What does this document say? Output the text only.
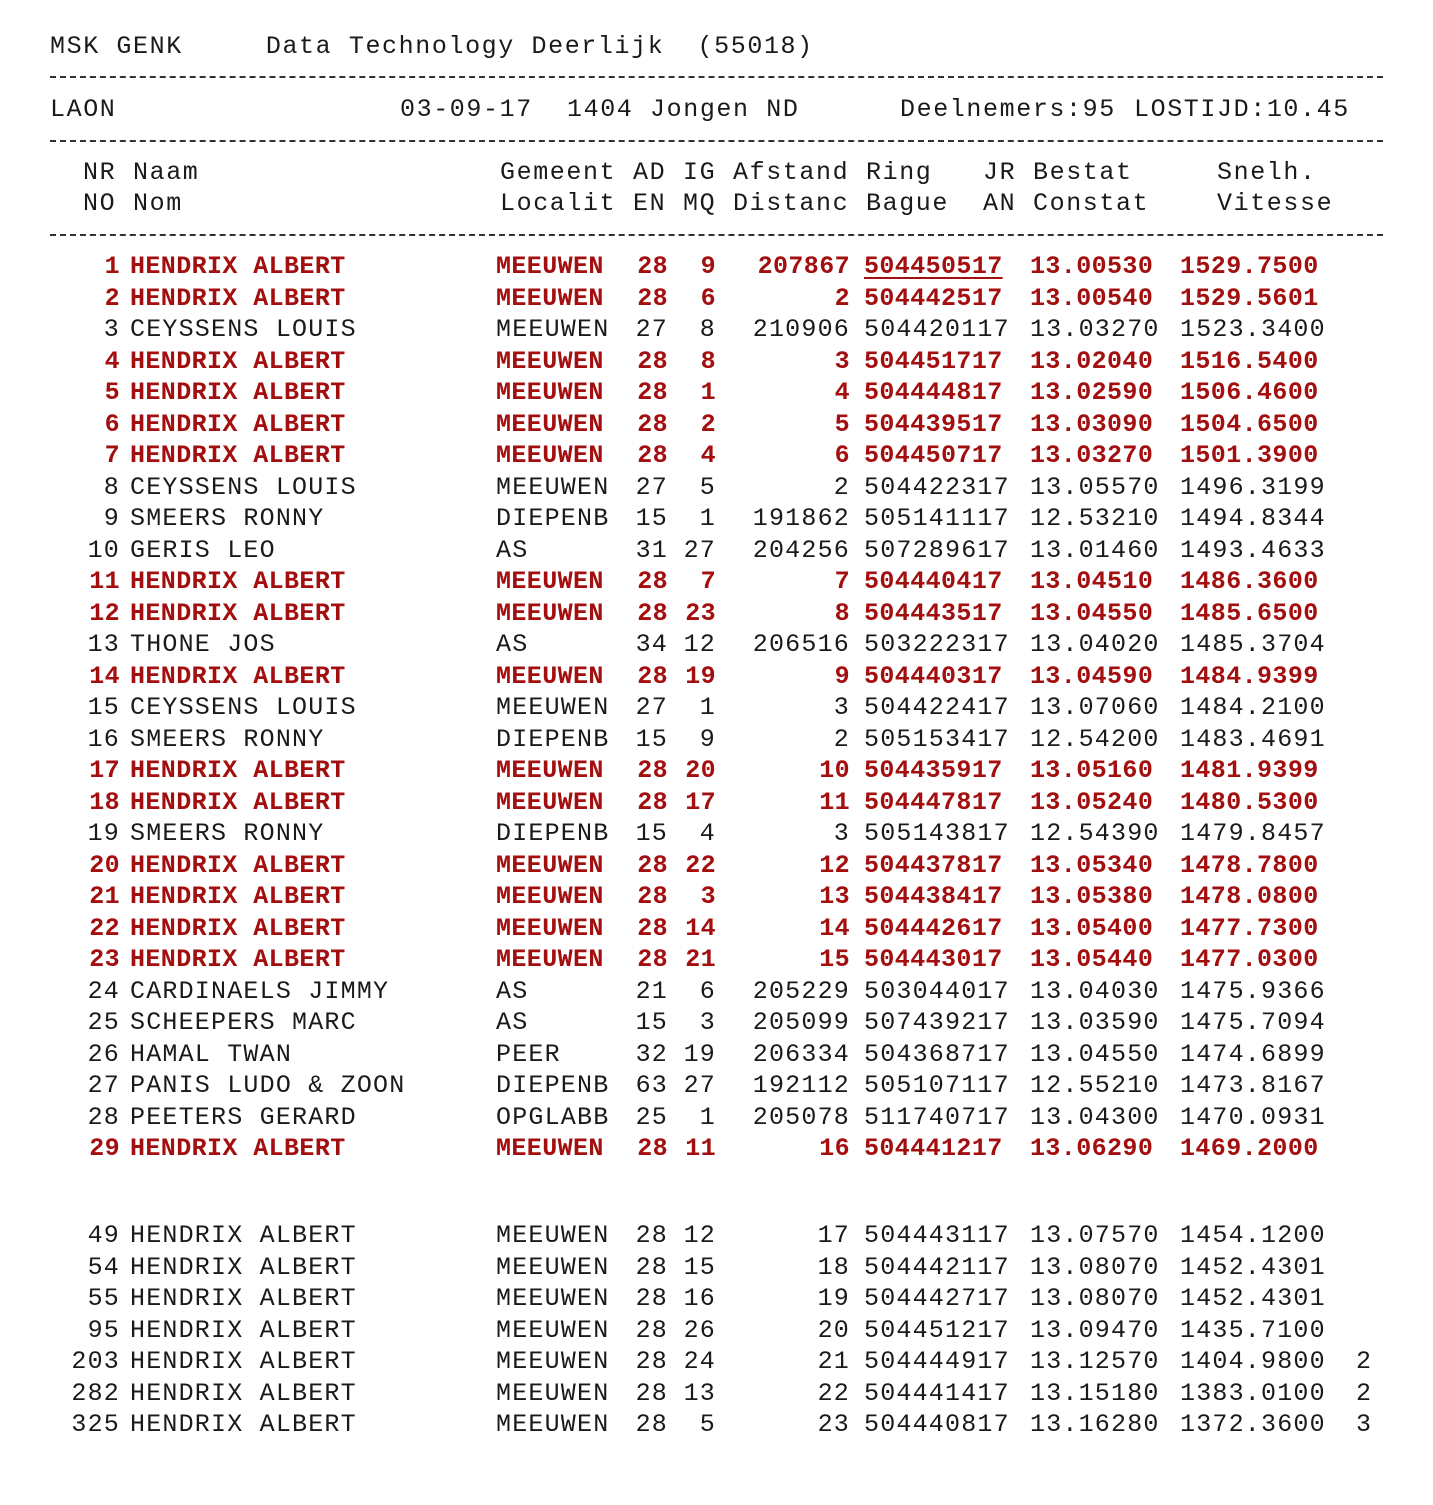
MSK GENK	Data Technology Deerlijk (55018)

LAON

	03-09-17

1404 Jongen ND

	Deelnemers:95

LOSTIJD:10.45

NR Naam	Gemeent AD IG Afstand Ring JR Bestat	Snelh.
NO Nom	Localit EN MQ Distanc Bague AN Constat	Vitesse
1 HENDRIX ALBERT	MEEUWEN	28	9	207867 504450517	13.00530	1529.7500
2 HENDRIX ALBERT	MEEUWEN	28	6	2 504442517	13.00540	1529.5601
3 CEYSSENS LOUIS	MEEUWEN	27	8	210906 504420117 13.03270 1523.3400
4 HENDRIX ALBERT	MEEUWEN	28	8	3 504451717	13.02040	1516.5400
5 HENDRIX ALBERT	MEEUWEN	28	1	4 504444817	13.02590	1506.4600
6 HENDRIX ALBERT	MEEUWEN	28	2	5 504439517	13.03090	1504.6500
7 HENDRIX ALBERT	MEEUWEN	28	4	6 504450717	13.03270	1501.3900
8 CEYSSENS LOUIS	MEEUWEN	27	5	2 504422317 13.05570 1496.3199
9 SMEERS RONNY	DIEPENB	15	1	191862 505141117 12.53210 1494.8344
10 GERIS LEO	AS	31 27	204256 507289617 13.01460 1493.4633
11 HENDRIX ALBERT	MEEUWEN	28	7	7 504440417	13.04510	1486.3600
12 HENDRIX ALBERT	MEEUWEN	28 23	8 504443517	13.04550	1485.6500
13 THONE JOS	AS	34 12	206516 503222317 13.04020 1485.3704
14 HENDRIX ALBERT	MEEUWEN	28 19	9 504440317	13.04590	1484.9399
15 CEYSSENS LOUIS	MEEUWEN	27	1	3 504422417 13.07060 1484.2100
16 SMEERS RONNY	DIEPENB	15	9	2 505153417 12.54200 1483.4691
17 HENDRIX ALBERT	MEEUWEN	28 20	10 504435917	13.05160	1481.9399
18 HENDRIX ALBERT	MEEUWEN	28 17	11 504447817	13.05240	1480.5300
19 SMEERS RONNY	DIEPENB	15	4	3 505143817 12.54390 1479.8457
20 HENDRIX ALBERT	MEEUWEN	28 22	12 504437817	13.05340	1478.7800
21 HENDRIX ALBERT	MEEUWEN	28	3	13 504438417	13.05380	1478.0800
22 HENDRIX ALBERT	MEEUWEN	28 14	14 504442617	13.05400	1477.7300
23 HENDRIX ALBERT	MEEUWEN	28 21	15 504443017	13.05440	1477.0300
24 CARDINAELS JIMMY	AS	21	6	205229 503044017 13.04030 1475.9366
25 SCHEEPERS MARC	AS	15	3	205099 507439217 13.03590 1475.7094
26 HAMAL TWAN	PEER	32 19	206334 504368717 13.04550 1474.6899
27 PANIS LUDO & ZOON	DIEPENB	63 27	192112 505107117 12.55210 1473.8167
28 PEETERS GERARD	OPGLABB	25	1	205078 511740717 13.04300 1470.0931
29 HENDRIX ALBERT	MEEUWEN	28 11	16 504441217	13.06290	1469.2000
49 HENDRIX ALBERT	MEEUWEN	28 12	17 504443117 13.07570 1454.1200
54 HENDRIX ALBERT	MEEUWEN	28 15	18 504442117 13.08070 1452.4301
55 HENDRIX ALBERT	MEEUWEN	28 16	19 504442717 13.08070 1452.4301
95 HENDRIX ALBERT	MEEUWEN	28 26	20 504451217 13.09470 1435.7100
203 HENDRIX ALBERT	MEEUWEN	28 24	21 504444917 13.12570 1404.9800	2
282 HENDRIX ALBERT	MEEUWEN	28 13	22 504441417 13.15180 1383.0100	2
325 HENDRIX ALBERT	MEEUWEN	28	5	23 504440817 13.16280 1372.3600	3
